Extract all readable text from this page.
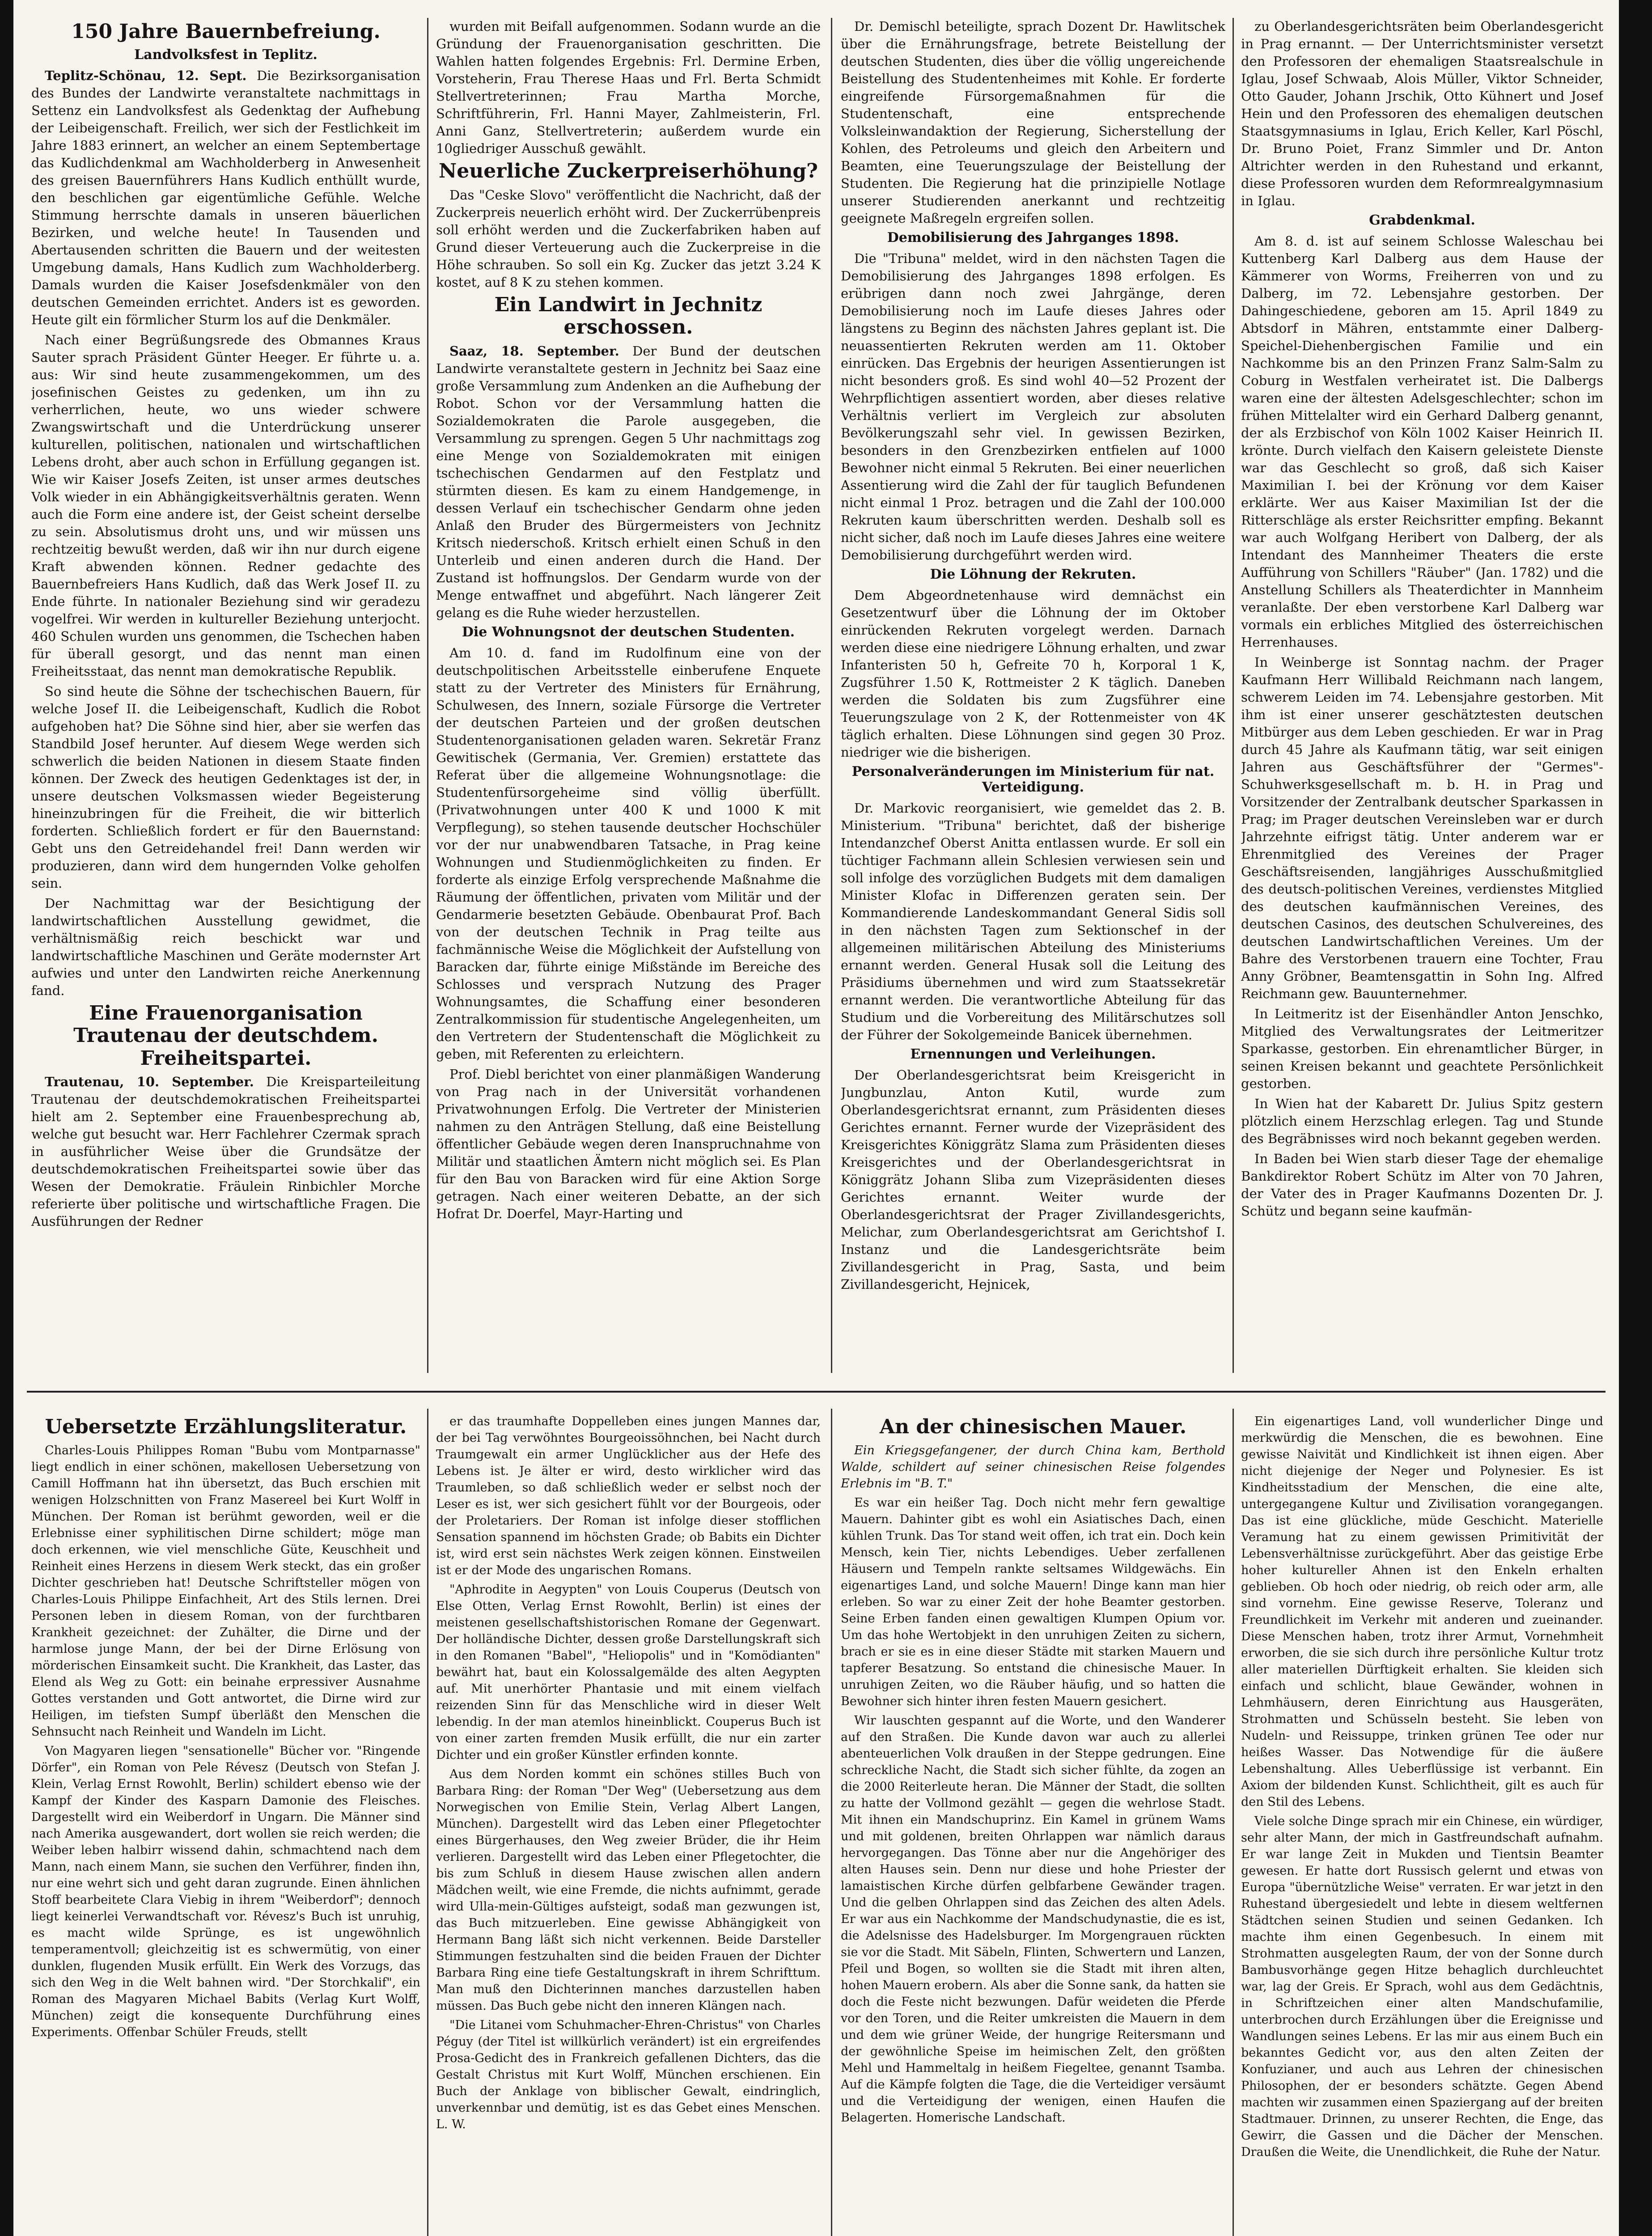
150 Jahre Bauernbefreiung.
Landvolksfest in Teplitz.

Teplitz-Schönau, 12. Sept. Die Bezirksorganisation des Bundes der Landwirte veranstaltete nachmittags in Settenz ein Landvolksfest als Gedenktag der Aufhebung der Leibeigenschaft. Freilich, wer sich der Festlichkeit im Jahre 1883 erinnert, an welcher an einem Septembertage das Kudlichdenkmal am Wachholderberg in Anwesenheit des greisen Bauernführers Hans Kudlich enthüllt wurde, den beschlichen gar eigentümliche Gefühle. Welche Stimmung herrschte damals in unseren bäuerlichen Bezirken, und welche heute! In Tausenden und Abertausenden schritten die Bauern und der weitesten Umgebung damals, Hans Kudlich zum Wachholderberg. Damals wurden die Kaiser Josefsdenkmäler von den deutschen Gemeinden errichtet. Anders ist es geworden. Heute gilt ein förmlicher Sturm los auf die Denkmäler.

Nach einer Begrüßungsrede des Obmannes Kraus Sauter sprach Präsident Günter Heeger. Er führte u. a. aus: Wir sind heute zusammengekommen, um des josefinischen Geistes zu gedenken, um ihn zu verherrlichen, heute, wo uns wieder schwere Zwangswirtschaft und die Unterdrückung unserer kulturellen, politischen, nationalen und wirtschaftlichen Lebens droht, aber auch schon in Erfüllung gegangen ist. Wie wir Kaiser Josefs Zeiten, ist unser armes deutsches Volk wieder in ein Abhängigkeitsverhältnis geraten. Wenn auch die Form eine andere ist, der Geist scheint derselbe zu sein. Absolutismus droht uns, und wir müssen uns rechtzeitig bewußt werden, daß wir ihn nur durch eigene Kraft abwenden können. Redner gedachte des Bauernbefreiers Hans Kudlich, daß das Werk Josef II. zu Ende führte. In nationaler Beziehung sind wir geradezu vogelfrei. Wir werden in kultureller Beziehung unterjocht. 460 Schulen wurden uns genommen, die Tschechen haben für überall gesorgt, und das nennt man einen Freiheitsstaat, das nennt man demokratische Republik.

So sind heute die Söhne der tschechischen Bauern, für welche Josef II. die Leibeigenschaft, Kudlich die Robot aufgehoben hat? Die Söhne sind hier, aber sie werfen das Standbild Josef herunter. Auf diesem Wege werden sich schwerlich die beiden Nationen in diesem Staate finden können. Der Zweck des heutigen Gedenktages ist der, in unsere deutschen Volksmassen wieder Begeisterung hineinzubringen für die Freiheit, die wir bitterlich forderten. Schließlich fordert er für den Bauernstand: Gebt uns den Getreidehandel frei! Dann werden wir produzieren, dann wird dem hungernden Volke geholfen sein.

Der Nachmittag war der Besichtigung der landwirtschaftlichen Ausstellung gewidmet, die verhältnismäßig reich beschickt war und landwirtschaftliche Maschinen und Geräte modernster Art aufwies und unter den Landwirten reiche Anerkennung fand.

Eine Frauenorganisation Trautenau der deutschdem. Freiheitspartei.

Trautenau, 10. September. Die Kreisparteileitung Trautenau der deutschdemokratischen Freiheitspartei hielt am 2. September eine Frauenbesprechung ab, welche gut besucht war. Herr Fachlehrer Czermak sprach in ausführlicher Weise über die Grundsätze der deutschdemokratischen Freiheitspartei sowie über das Wesen der Demokratie. Fräulein Rinbichler Morche referierte über politische und wirtschaftliche Fragen. Die Ausführungen der Redner

wurden mit Beifall aufgenommen. Sodann wurde an die Gründung der Frauenorganisation geschritten. Die Wahlen hatten folgendes Ergebnis: Frl. Dermine Erben, Vorsteherin, Frau Therese Haas und Frl. Berta Schmidt Stellvertreterinnen; Frau Martha Morche, Schriftführerin, Frl. Hanni Mayer, Zahlmeisterin, Frl. Anni Ganz, Stellvertreterin; außerdem wurde ein 10gliedriger Ausschuß gewählt.

Neuerliche Zuckerpreiserhöhung?

Das "Ceske Slovo" veröffentlicht die Nachricht, daß der Zuckerpreis neuerlich erhöht wird. Der Zuckerrübenpreis soll erhöht werden und die Zuckerfabriken haben auf Grund dieser Verteuerung auch die Zuckerpreise in die Höhe schrauben. So soll ein Kg. Zucker das jetzt 3.24 K kostet, auf 8 K zu stehen kommen.

Ein Landwirt in Jechnitz erschossen.

Saaz, 18. September. Der Bund der deutschen Landwirte veranstaltete gestern in Jechnitz bei Saaz eine große Versammlung zum Andenken an die Aufhebung der Robot. Schon vor der Versammlung hatten die Sozialdemokraten die Parole ausgegeben, die Versammlung zu sprengen. Gegen 5 Uhr nachmittags zog eine Menge von Sozialdemokraten mit einigen tschechischen Gendarmen auf den Festplatz und stürmten diesen. Es kam zu einem Handgemenge, in dessen Verlauf ein tschechischer Gendarm ohne jeden Anlaß den Bruder des Bürgermeisters von Jechnitz Kritsch niederschoß. Kritsch erhielt einen Schuß in den Unterleib und einen anderen durch die Hand. Der Zustand ist hoffnungslos. Der Gendarm wurde von der Menge entwaffnet und abgeführt. Nach längerer Zeit gelang es die Ruhe wieder herzustellen.

Die Wohnungsnot der deutschen Studenten.

Am 10. d. fand im Rudolfinum eine von der deutschpolitischen Arbeitsstelle einberufene Enquete statt zu der Vertreter des Ministers für Ernährung, Schulwesen, des Innern, soziale Fürsorge die Vertreter der deutschen Parteien und der großen deutschen Studentenorganisationen geladen waren. Sekretär Franz Gewitischek (Germania, Ver. Gremien) erstattete das Referat über die allgemeine Wohnungsnotlage: die Studentenfürsorgeheime sind völlig überfüllt. (Privatwohnungen unter 400 K und 1000 K mit Verpflegung), so stehen tausende deutscher Hochschüler vor der nur unabwendbaren Tatsache, in Prag keine Wohnungen und Studienmöglichkeiten zu finden. Er forderte als einzige Erfolg versprechende Maßnahme die Räumung der öffentlichen, privaten vom Militär und der Gendarmerie besetzten Gebäude. Obenbaurat Prof. Bach von der deutschen Technik in Prag teilte aus fachmännische Weise die Möglichkeit der Aufstellung von Baracken dar, führte einige Mißstände im Bereiche des Schlosses und versprach Nutzung des Prager Wohnungsamtes, die Schaffung einer besonderen Zentralkommission für studentische Angelegenheiten, um den Vertretern der Studentenschaft die Möglichkeit zu geben, mit Referenten zu erleichtern.

Prof. Diebl berichtet von einer planmäßigen Wanderung von Prag nach in der Universität vorhandenen Privatwohnungen Erfolg. Die Vertreter der Ministerien nahmen zu den Anträgen Stellung, daß eine Beistellung öffentlicher Gebäude wegen deren Inanspruchnahme von Militär und staatlichen Ämtern nicht möglich sei. Es Plan für den Bau von Baracken wird für eine Aktion Sorge getragen. Nach einer weiteren Debatte, an der sich Hofrat Dr. Doerfel, Mayr-Harting und

Dr. Demischl beteiligte, sprach Dozent Dr. Hawlitschek über die Ernährungsfrage, betrete Beistellung der deutschen Studenten, dies über die völlig ungereichende Beistellung des Studentenheimes mit Kohle. Er forderte eingreifende Fürsorgemaßnahmen für die Studentenschaft, eine entsprechende Volksleinwandaktion der Regierung, Sicherstellung der Kohlen, des Petroleums und gleich den Arbeitern und Beamten, eine Teuerungszulage der Beistellung der Studenten. Die Regierung hat die prinzipielle Notlage unserer Studierenden anerkannt und rechtzeitig geeignete Maßregeln ergreifen sollen.

Demobilisierung des Jahrganges 1898.

Die "Tribuna" meldet, wird in den nächsten Tagen die Demobilisierung des Jahrganges 1898 erfolgen. Es erübrigen dann noch zwei Jahrgänge, deren Demobilisierung noch im Laufe dieses Jahres oder längstens zu Beginn des nächsten Jahres geplant ist. Die neuassentierten Rekruten werden am 11. Oktober einrücken. Das Ergebnis der heurigen Assentierungen ist nicht besonders groß. Es sind wohl 40—52 Prozent der Wehrpflichtigen assentiert worden, aber dieses relative Verhältnis verliert im Vergleich zur absoluten Bevölkerungszahl sehr viel. In gewissen Bezirken, besonders in den Grenzbezirken entfielen auf 1000 Bewohner nicht einmal 5 Rekruten. Bei einer neuerlichen Assentierung wird die Zahl der für tauglich Befundenen nicht einmal 1 Proz. betragen und die Zahl der 100.000 Rekruten kaum überschritten werden. Deshalb soll es nicht sicher, daß noch im Laufe dieses Jahres eine weitere Demobilisierung durchgeführt werden wird.

Die Löhnung der Rekruten.

Dem Abgeordnetenhause wird demnächst ein Gesetzentwurf über die Löhnung der im Oktober einrückenden Rekruten vorgelegt werden. Darnach werden diese eine niedrigere Löhnung erhalten, und zwar Infanteristen 50 h, Gefreite 70 h, Korporal 1 K, Zugsführer 1.50 K, Rottmeister 2 K täglich. Daneben werden die Soldaten bis zum Zugsführer eine Teuerungszulage von 2 K, der Rottenmeister von 4K täglich erhalten. Diese Löhnungen sind gegen 30 Proz. niedriger wie die bisherigen.

Personalveränderungen im Ministerium für nat. Verteidigung.

Dr. Markovic reorganisiert, wie gemeldet das 2. B. Ministerium. "Tribuna" berichtet, daß der bisherige Intendanzchef Oberst Anitta entlassen wurde. Er soll ein tüchtiger Fachmann allein Schlesien verwiesen sein und soll infolge des vorzüglichen Budgets mit dem damaligen Minister Klofac in Differenzen geraten sein. Der Kommandierende Landeskommandant General Sidis soll in den nächsten Tagen zum Sektionschef in der allgemeinen militärischen Abteilung des Ministeriums ernannt werden. General Husak soll die Leitung des Präsidiums übernehmen und wird zum Staatssekretär ernannt werden. Die verantwortliche Abteilung für das Studium und die Vorbereitung des Militärschutzes soll der Führer der Sokolgemeinde Banicek übernehmen.

Ernennungen und Verleihungen.

Der Oberlandesgerichtsrat beim Kreisgericht in Jungbunzlau, Anton Kutil, wurde zum Oberlandesgerichtsrat ernannt, zum Präsidenten dieses Gerichtes ernannt. Ferner wurde der Vizepräsident des Kreisgerichtes Königgrätz Slama zum Präsidenten dieses Kreisgerichtes und der Oberlandesgerichtsrat in Königgrätz Johann Sliba zum Vizepräsidenten dieses Gerichtes ernannt. Weiter wurde der Oberlandesgerichtsrat der Prager Zivillandesgerichts, Melichar, zum Oberlandesgerichtsrat am Gerichtshof I. Instanz und die Landesgerichtsräte beim Zivillandesgericht in Prag, Sasta, und beim Zivillandesgericht, Hejnicek,

zu Oberlandesgerichtsräten beim Oberlandesgericht in Prag ernannt. — Der Unterrichtsminister versetzt den Professoren der ehemaligen Staatsrealschule in Iglau, Josef Schwaab, Alois Müller, Viktor Schneider, Otto Gauder, Johann Jrschik, Otto Kühnert und Josef Hein und den Professoren des ehemaligen deutschen Staatsgymnasiums in Iglau, Erich Keller, Karl Pöschl, Dr. Bruno Poiet, Franz Simmler und Dr. Anton Altrichter werden in den Ruhestand und erkannt, diese Professoren wurden dem Reformrealgymnasium in Iglau.

Grabdenkmal.

Am 8. d. ist auf seinem Schlosse Waleschau bei Kuttenberg Karl Dalberg aus dem Hause der Kämmerer von Worms, Freiherren von und zu Dalberg, im 72. Lebensjahre gestorben. Der Dahingeschiedene, geboren am 15. April 1849 zu Abtsdorf in Mähren, entstammte einer Dalberg-Speichel-Diehenbergischen Familie und ein Nachkomme bis an den Prinzen Franz Salm-Salm zu Coburg in Westfalen verheiratet ist. Die Dalbergs waren eine der ältesten Adelsgeschlechter; schon im frühen Mittelalter wird ein Gerhard Dalberg genannt, der als Erzbischof von Köln 1002 Kaiser Heinrich II. krönte. Durch vielfach den Kaisern geleistete Dienste war das Geschlecht so groß, daß sich Kaiser Maximilian I. bei der Krönung vor dem Kaiser erklärte. Wer aus Kaiser Maximilian Ist der die Ritterschläge als erster Reichsritter empfing. Bekannt war auch Wolfgang Heribert von Dalberg, der als Intendant des Mannheimer Theaters die erste Aufführung von Schillers "Räuber" (Jan. 1782) und die Anstellung Schillers als Theaterdichter in Mannheim veranlaßte. Der eben verstorbene Karl Dalberg war vormals ein erbliches Mitglied des österreichischen Herrenhauses.

In Weinberge ist Sonntag nachm. der Prager Kaufmann Herr Willibald Reichmann nach langem, schwerem Leiden im 74. Lebensjahre gestorben. Mit ihm ist einer unserer geschätztesten deutschen Mitbürger aus dem Leben geschieden. Er war in Prag durch 45 Jahre als Kaufmann tätig, war seit einigen Jahren aus Geschäftsführer der "Germes"-Schuhwerksgesellschaft m. b. H. in Prag und Vorsitzender der Zentralbank deutscher Sparkassen in Prag; im Prager deutschen Vereinsleben war er durch Jahrzehnte eifrigst tätig. Unter anderem war er Ehrenmitglied des Vereines der Prager Geschäftsreisenden, langjähriges Ausschußmitglied des deutsch-politischen Vereines, verdienstes Mitglied des deutschen kaufmännischen Vereines, des deutschen Casinos, des deutschen Schulvereines, des deutschen Landwirtschaftlichen Vereines. Um der Bahre des Verstorbenen trauern eine Tochter, Frau Anny Gröbner, Beamtensgattin in Sohn Ing. Alfred Reichmann gew. Bauunternehmer.

In Leitmeritz ist der Eisenhändler Anton Jenschko, Mitglied des Verwaltungsrates der Leitmeritzer Sparkasse, gestorben. Ein ehrenamtlicher Bürger, in seinen Kreisen bekannt und geachtete Persönlichkeit gestorben.

In Wien hat der Kabarett Dr. Julius Spitz gestern plötzlich einem Herzschlag erlegen. Tag und Stunde des Begräbnisses wird noch bekannt gegeben werden.

In Baden bei Wien starb dieser Tage der ehemalige Bankdirektor Robert Schütz im Alter von 70 Jahren, der Vater des in Prager Kaufmanns Dozenten Dr. J. Schütz und begann seine kaufmän-

Uebersetzte Erzählungsliteratur.

Charles-Louis Philippes Roman "Bubu vom Montparnasse" liegt endlich in einer schönen, makellosen Uebersetzung von Camill Hoffmann hat ihn übersetzt, das Buch erschien mit wenigen Holzschnitten von Franz Masereel bei Kurt Wolff in München. Der Roman ist berühmt geworden, weil er die Erlebnisse einer syphilitischen Dirne schildert; möge man doch erkennen, wie viel menschliche Güte, Keuschheit und Reinheit eines Herzens in diesem Werk steckt, das ein großer Dichter geschrieben hat! Deutsche Schriftsteller mögen von Charles-Louis Philippe Einfachheit, Art des Stils lernen. Drei Personen leben in diesem Roman, von der furchtbaren Krankheit gezeichnet: der Zuhälter, die Dirne und der harmlose junge Mann, der bei der Dirne Erlösung von mörderischen Einsamkeit sucht. Die Krankheit, das Laster, das Elend als Weg zu Gott: ein beinahe erpressiver Ausnahme Gottes verstanden und Gott antwortet, die Dirne wird zur Heiligen, im tiefsten Sumpf überläßt den Menschen die Sehnsucht nach Reinheit und Wandeln im Licht.

Von Magyaren liegen "sensationelle" Bücher vor. "Ringende Dörfer", ein Roman von Pele Révesz (Deutsch von Stefan J. Klein, Verlag Ernst Rowohlt, Berlin) schildert ebenso wie der Kampf der Kinder des Kasparn Damonie des Fleisches. Dargestellt wird ein Weiberdorf in Ungarn. Die Männer sind nach Amerika ausgewandert, dort wollen sie reich werden; die Weiber leben halbirr wissend dahin, schmachtend nach dem Mann, nach einem Mann, sie suchen den Verführer, finden ihn, nur eine wehrt sich und geht daran zugrunde. Einen ähnlichen Stoff bearbeitete Clara Viebig in ihrem "Weiberdorf"; dennoch liegt keinerlei Verwandtschaft vor. Révesz's Buch ist unruhig, es macht wilde Sprünge, es ist ungewöhnlich temperamentvoll; gleichzeitig ist es schwermütig, von einer dunklen, flugenden Musik erfüllt. Ein Werk des Vorzugs, das sich den Weg in die Welt bahnen wird. "Der Storchkalif", ein Roman des Magyaren Michael Babits (Verlag Kurt Wolff, München) zeigt die konsequente Durchführung eines Experiments. Offenbar Schüler Freuds, stellt

er das traumhafte Doppelleben eines jungen Mannes dar, der bei Tag verwöhntes Bourgeoissöhnchen, bei Nacht durch Traumgewalt ein armer Unglücklicher aus der Hefe des Lebens ist. Je älter er wird, desto wirklicher wird das Traumleben, so daß schließlich weder er selbst noch der Leser es ist, wer sich gesichert fühlt vor der Bourgeois, oder der Proletariers. Der Roman ist infolge dieser stofflichen Sensation spannend im höchsten Grade; ob Babits ein Dichter ist, wird erst sein nächstes Werk zeigen können. Einstweilen ist er der Mode des ungarischen Romans.

"Aphrodite in Aegypten" von Louis Couperus (Deutsch von Else Otten, Verlag Ernst Rowohlt, Berlin) ist eines der meistenen gesellschaftshistorischen Romane der Gegenwart. Der holländische Dichter, dessen große Darstellungskraft sich in den Romanen "Babel", "Heliopolis" und in "Komödianten" bewährt hat, baut ein Kolossalgemälde des alten Aegypten auf. Mit unerhörter Phantasie und mit einem vielfach reizenden Sinn für das Menschliche wird in dieser Welt lebendig. In der man atemlos hineinblickt. Couperus Buch ist von einer zarten fremden Musik erfüllt, die nur ein zarter Dichter und ein großer Künstler erfinden konnte.

Aus dem Norden kommt ein schönes stilles Buch von Barbara Ring: der Roman "Der Weg" (Uebersetzung aus dem Norwegischen von Emilie Stein, Verlag Albert Langen, München). Dargestellt wird das Leben einer Pflegetochter eines Bürgerhauses, den Weg zweier Brüder, die ihr Heim verlieren. Dargestellt wird das Leben einer Pflegetochter, die bis zum Schluß in diesem Hause zwischen allen andern Mädchen weilt, wie eine Fremde, die nichts aufnimmt, gerade wird Ulla-mein-Gültiges aufsteigt, sodaß man gezwungen ist, das Buch mitzuerleben. Eine gewisse Abhängigkeit von Hermann Bang läßt sich nicht verkennen. Beide Darsteller Stimmungen festzuhalten sind die beiden Frauen der Dichter Barbara Ring eine tiefe Gestaltungskraft in ihrem Schrifttum. Man muß den Dichterinnen manches darzustellen haben müssen. Das Buch gebe nicht den inneren Klängen nach.

"Die Litanei vom Schuhmacher-Ehren-Christus" von Charles Péguy (der Titel ist willkürlich verändert) ist ein ergreifendes Prosa-Gedicht des in Frankreich gefallenen Dichters, das die Gestalt Christus mit Kurt Wolff, München erschienen. Ein Buch der Anklage von biblischer Gewalt, eindringlich, unverkennbar und demütig, ist es das Gebet eines Menschen. L. W.

An der chinesischen Mauer.

Ein Kriegsgefangener, der durch China kam, Berthold Walde, schildert auf seiner chinesischen Reise folgendes Erlebnis im "B. T."

Es war ein heißer Tag. Doch nicht mehr fern gewaltige Mauern. Dahinter gibt es wohl ein Asiatisches Dach, einen kühlen Trunk. Das Tor stand weit offen, ich trat ein. Doch kein Mensch, kein Tier, nichts Lebendiges. Ueber zerfallenen Häusern und Tempeln rankte seltsames Wildgewächs. Ein eigenartiges Land, und solche Mauern! Dinge kann man hier erleben. So war zu einer Zeit der hohe Beamter gestorben. Seine Erben fanden einen gewaltigen Klumpen Opium vor. Um das hohe Wertobjekt in den unruhigen Zeiten zu sichern, brach er sie es in eine dieser Städte mit starken Mauern und tapferer Besatzung. So entstand die chinesische Mauer. In unruhigen Zeiten, wo die Räuber häufig, und so hatten die Bewohner sich hinter ihren festen Mauern gesichert.

Wir lauschten gespannt auf die Worte, und den Wanderer auf den Straßen. Die Kunde davon war auch zu allerlei abenteuerlichen Volk draußen in der Steppe gedrungen. Eine schreckliche Nacht, die Stadt sich sicher fühlte, da zogen an die 2000 Reiterleute heran. Die Männer der Stadt, die sollten zu hatte der Vollmond gezählt — gegen die wehrlose Stadt. Mit ihnen ein Mandschuprinz. Ein Kamel in grünem Wams und mit goldenen, breiten Ohrlappen war nämlich daraus hervorgegangen. Das Tönne aber nur die Angehöriger des alten Hauses sein. Denn nur diese und hohe Priester der lamaistischen Kirche dürfen gelbfarbene Gewänder tragen. Und die gelben Ohrlappen sind das Zeichen des alten Adels. Er war aus ein Nachkomme der Mandschudynastie, die es ist, die Adelsnisse des Hadelsburger. Im Morgengrauen rückten sie vor die Stadt. Mit Säbeln, Flinten, Schwertern und Lanzen, Pfeil und Bogen, so wollten sie die Stadt mit ihren alten, hohen Mauern erobern. Als aber die Sonne sank, da hatten sie doch die Feste nicht bezwungen. Dafür weideten die Pferde vor den Toren, und die Reiter umkreisten die Mauern in dem und dem wie grüner Weide, der hungrige Reitersmann und der gewöhnliche Speise im heimischen Zelt, den größten Mehl und Hammeltalg in heißem Fiegeltee, genannt Tsamba. Auf die Kämpfe folgten die Tage, die die Verteidiger versäumt und die Verteidigung der wenigen, einen Haufen die Belagerten. Homerische Landschaft.

Ein eigenartiges Land, voll wunderlicher Dinge und merkwürdig die Menschen, die es bewohnen. Eine gewisse Naivität und Kindlichkeit ist ihnen eigen. Aber nicht diejenige der Neger und Polynesier. Es ist Kindheitsstadium der Menschen, die eine alte, untergegangene Kultur und Zivilisation vorangegangen. Das ist eine glückliche, müde Geschicht. Materielle Veramung hat zu einem gewissen Primitivität der Lebensverhältnisse zurückgeführt. Aber das geistige Erbe hoher kultureller Ahnen ist den Enkeln erhalten geblieben. Ob hoch oder niedrig, ob reich oder arm, alle sind vornehm. Eine gewisse Reserve, Toleranz und Freundlichkeit im Verkehr mit anderen und zueinander. Diese Menschen haben, trotz ihrer Armut, Vornehmheit erworben, die sie sich durch ihre persönliche Kultur trotz aller materiellen Dürftigkeit erhalten. Sie kleiden sich einfach und schlicht, blaue Gewänder, wohnen in Lehmhäusern, deren Einrichtung aus Hausgeräten, Strohmatten und Schüsseln besteht. Sie leben von Nudeln- und Reissuppe, trinken grünen Tee oder nur heißes Wasser. Das Notwendige für die äußere Lebenshaltung. Alles Ueberflüssige ist verbannt. Ein Axiom der bildenden Kunst. Schlichtheit, gilt es auch für den Stil des Lebens.

Viele solche Dinge sprach mir ein Chinese, ein würdiger, sehr alter Mann, der mich in Gastfreundschaft aufnahm. Er war lange Zeit in Mukden und Tientsin Beamter gewesen. Er hatte dort Russisch gelernt und etwas von Europa "übernützliche Weise" verraten. Er war jetzt in den Ruhestand übergesiedelt und lebte in diesem weltfernen Städtchen seinen Studien und seinen Gedanken. Ich machte ihm einen Gegenbesuch. In einem mit Strohmatten ausgelegten Raum, der von der Sonne durch Bambusvorhänge gegen Hitze behaglich durchleuchtet war, lag der Greis. Er Sprach, wohl aus dem Gedächtnis, in Schriftzeichen einer alten Mandschufamilie, unterbrochen durch Erzählungen über die Ereignisse und Wandlungen seines Lebens. Er las mir aus einem Buch ein bekanntes Gedicht vor, aus den alten Zeiten der Konfuzianer, und auch aus Lehren der chinesischen Philosophen, der er besonders schätzte. Gegen Abend machten wir zusammen einen Spaziergang auf der breiten Stadtmauer. Drinnen, zu unserer Rechten, die Enge, das Gewirr, die Gassen und die Dächer der Menschen. Draußen die Weite, die Unendlichkeit, die Ruhe der Natur.
